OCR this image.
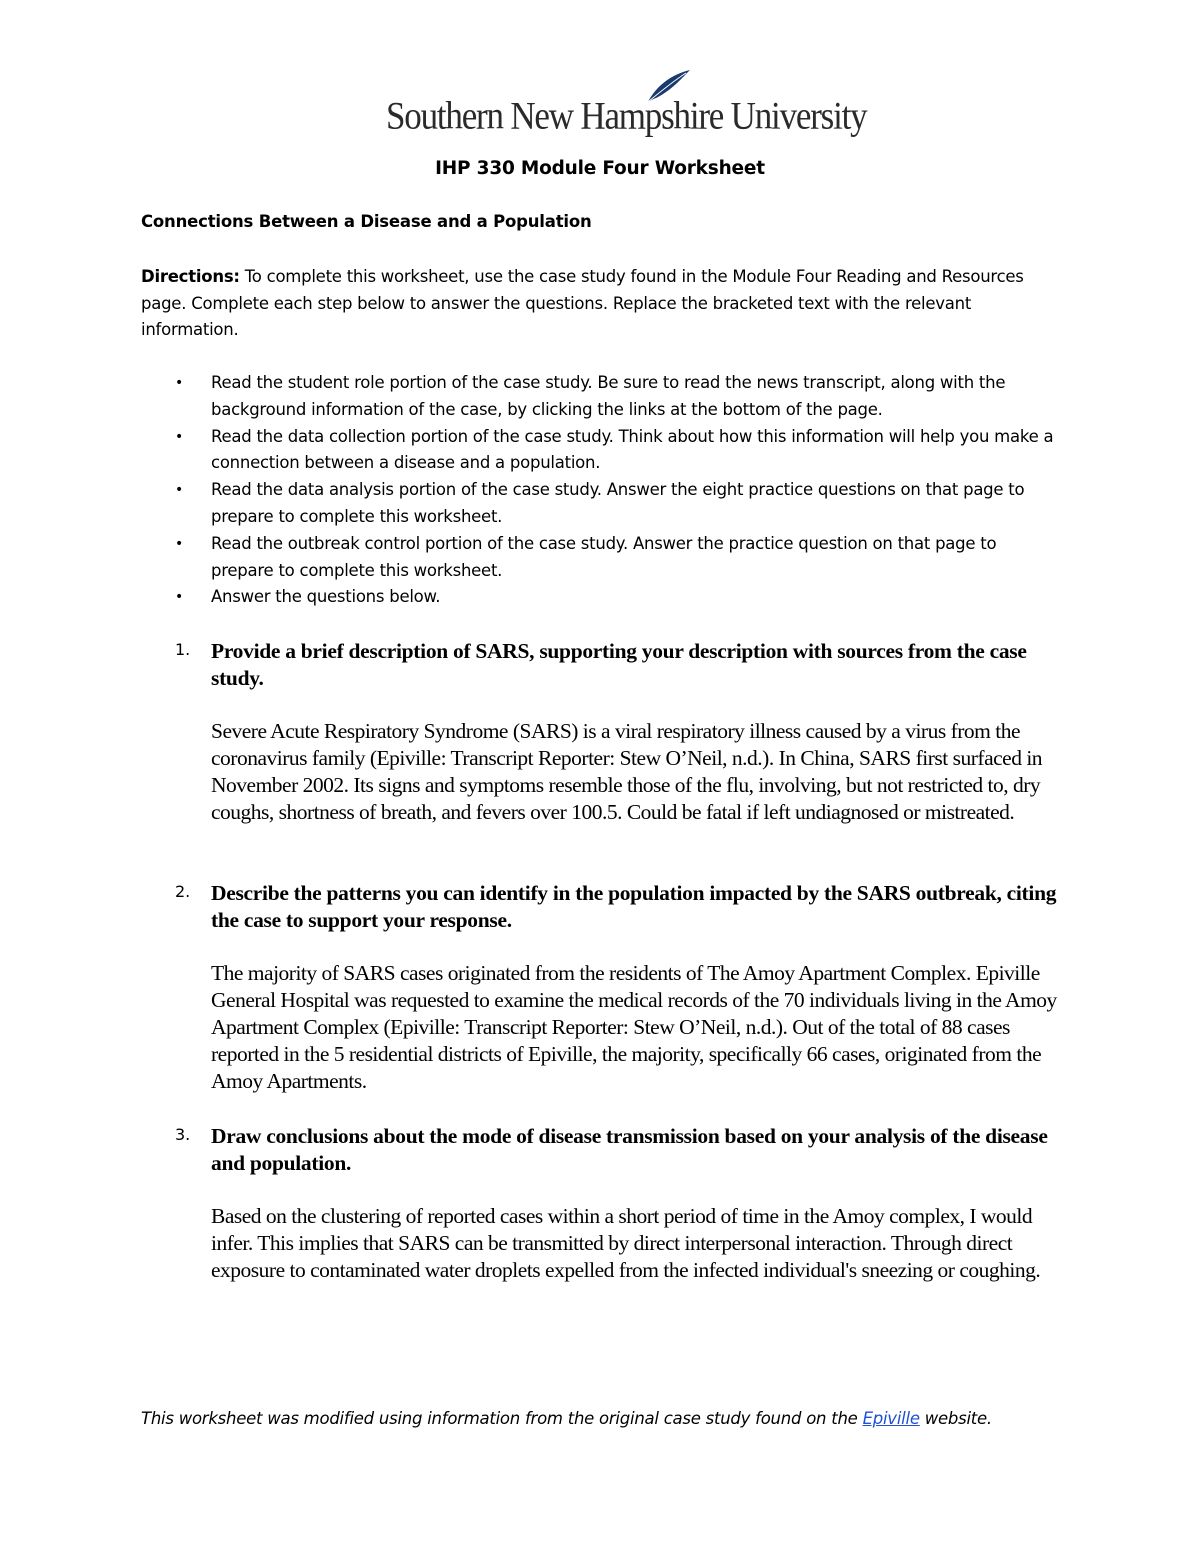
Southern New Hampshire University
IHP 330 Module Four Worksheet
Connections Between a Disease and a Population
Directions: To complete this worksheet, use the case study found in the Module Four Reading and Resources page. Complete each step below to answer the questions. Replace the bracketed text with the relevant information.
• Read the student role portion of the case study. Be sure to read the news transcript, along with the background information of the case, by clicking the links at the bottom of the page.
• Read the data collection portion of the case study. Think about how this information will help you make a connection between a disease and a population.
• Read the data analysis portion of the case study. Answer the eight practice questions on that page to prepare to complete this worksheet.
• Read the outbreak control portion of the case study. Answer the practice question on that page to prepare to complete this worksheet.
• Answer the questions below.
1. Provide a brief description of SARS, supporting your description with sources from the case study.
Severe Acute Respiratory Syndrome (SARS) is a viral respiratory illness caused by a virus from the coronavirus family (Epiville: Transcript Reporter: Stew O’Neil, n.d.). In China, SARS first surfaced in November 2002. Its signs and symptoms resemble those of the flu, involving, but not restricted to, dry coughs, shortness of breath, and fevers over 100.5. Could be fatal if left undiagnosed or mistreated.
2. Describe the patterns you can identify in the population impacted by the SARS outbreak, citing the case to support your response.
The majority of SARS cases originated from the residents of The Amoy Apartment Complex. Epiville General Hospital was requested to examine the medical records of the 70 individuals living in the Amoy Apartment Complex (Epiville: Transcript Reporter: Stew O’Neil, n.d.). Out of the total of 88 cases reported in the 5 residential districts of Epiville, the majority, specifically 66 cases, originated from the Amoy Apartments.
3. Draw conclusions about the mode of disease transmission based on your analysis of the disease and population.
Based on the clustering of reported cases within a short period of time in the Amoy complex, I would infer. This implies that SARS can be transmitted by direct interpersonal interaction. Through direct exposure to contaminated water droplets expelled from the infected individual's sneezing or coughing.
This worksheet was modified using information from the original case study found on the Epiville website.
